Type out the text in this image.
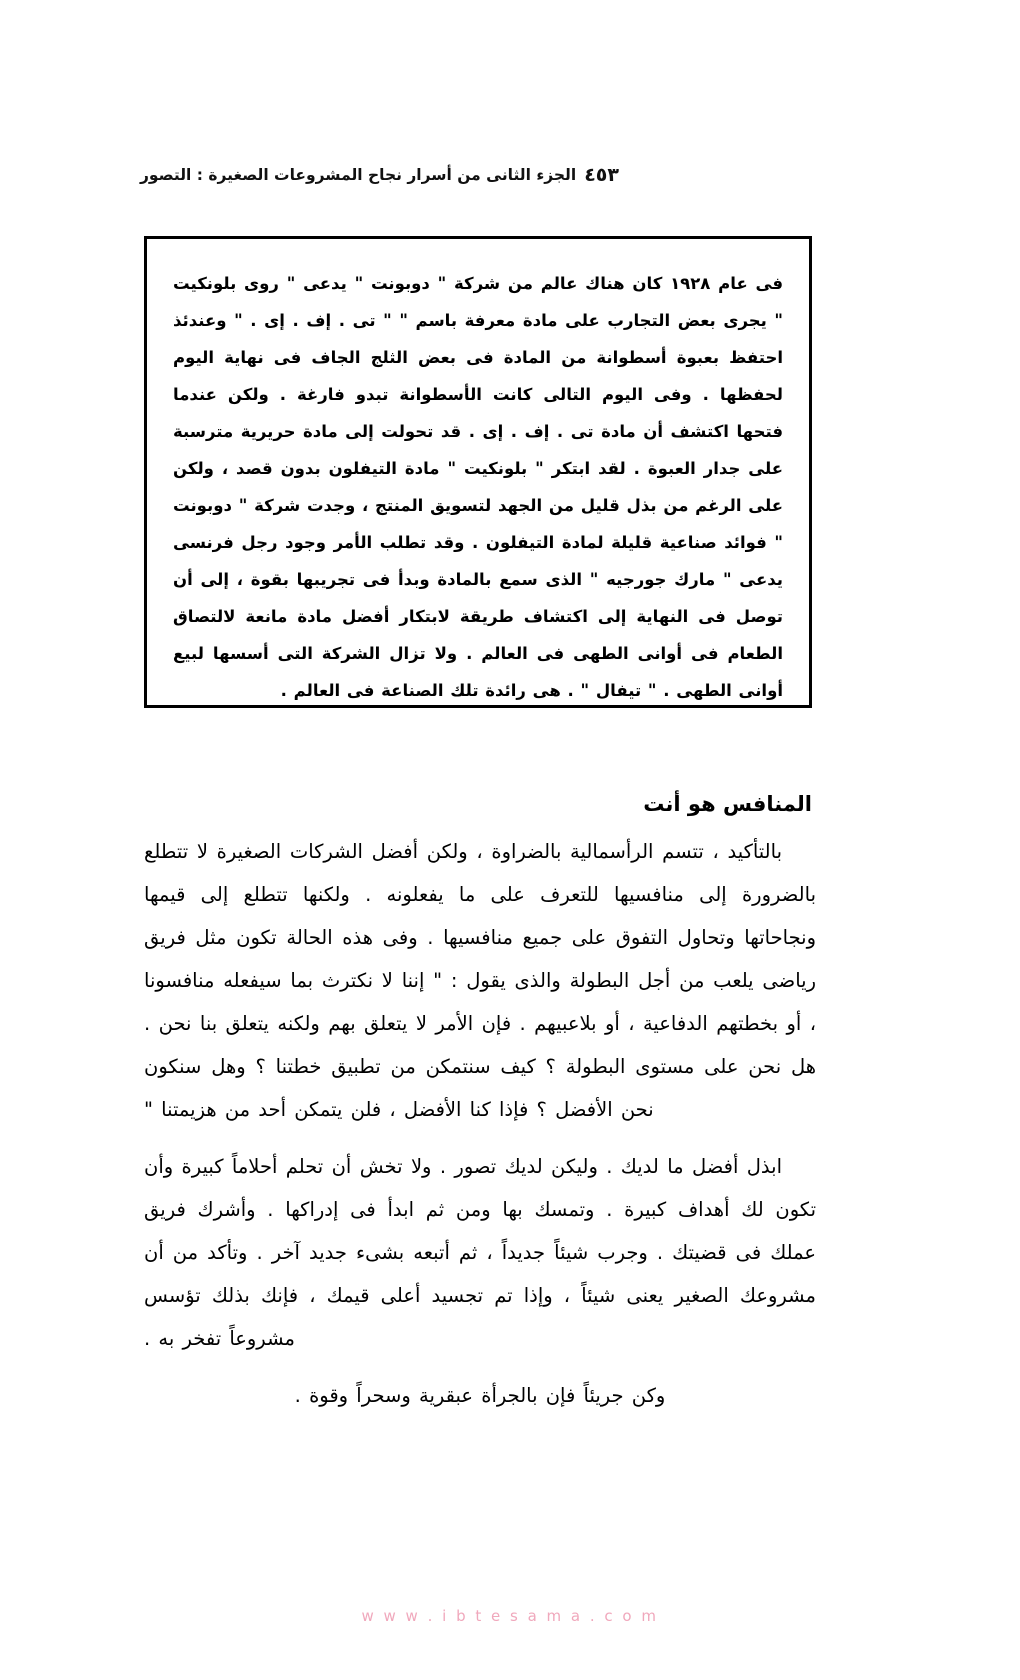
الجزء الثانى من أسرار نجاح المشروعات الصغيرة : التصور ٤٥٣
فى عام ١٩٢٨ كان هناك عالم من شركة " دوبونت " يدعى " روى بلونكيت " يجرى بعض التجارب على مادة معرفة باسم " " تى . إف . إى . " وعندئذ احتفظ بعبوة أسطوانة من المادة فى بعض الثلج الجاف فى نهاية اليوم لحفظها . وفى اليوم التالى كانت الأسطوانة تبدو فارغة . ولكن عندما فتحها اكتشف أن مادة تى . إف . إى . قد تحولت إلى مادة حريرية مترسبة على جدار العبوة . لقد ابتكر " بلونكيت " مادة التيفلون بدون قصد ، ولكن على الرغم من بذل قليل من الجهد لتسويق المنتج ، وجدت شركة " دوبونت " فوائد صناعية قليلة لمادة التيفلون . وقد تطلب الأمر وجود رجل فرنسى يدعى " مارك جورجيه " الذى سمع بالمادة وبدأ فى تجريبها بقوة ، إلى أن توصل فى النهاية إلى اكتشاف طريقة لابتكار أفضل مادة مانعة لالتصاق الطعام فى أوانى الطهى فى العالم . ولا تزال الشركة التى أسسها لبيع أوانى الطهى . " تيفال " . هى رائدة تلك الصناعة فى العالم .
المنافس هو أنت

بالتأكيد ، تتسم الرأسمالية بالضراوة ، ولكن أفضل الشركات الصغيرة لا تتطلع بالضرورة إلى منافسيها للتعرف على ما يفعلونه . ولكنها تتطلع إلى قيمها ونجاحاتها وتحاول التفوق على جميع منافسيها . وفى هذه الحالة تكون مثل فريق رياضى يلعب من أجل البطولة والذى يقول : " إننا لا نكترث بما سيفعله منافسونا ، أو بخطتهم الدفاعية ، أو بلاعبيهم . فإن الأمر لا يتعلق بهم ولكنه يتعلق بنا نحن . هل نحن على مستوى البطولة ؟ كيف سنتمكن من تطبيق خطتنا ؟ وهل سنكون نحن الأفضل ؟ فإذا كنا الأفضل ، فلن يتمكن أحد من هزيمتنا "

ابذل أفضل ما لديك . وليكن لديك تصور . ولا تخش أن تحلم أحلاماً كبيرة وأن تكون لك أهداف كبيرة . وتمسك بها ومن ثم ابدأ فى إدراكها . وأشرك فريق عملك فى قضيتك . وجرب شيئاً جديداً ، ثم أتبعه بشىء جديد آخر . وتأكد من أن مشروعك الصغير يعنى شيئاً ، وإذا تم تجسيد أعلى قيمك ، فإنك بذلك تؤسس مشروعاً تفخر به .

وكن جريئاً فإن بالجرأة عبقرية وسحراً وقوة .

w w w . i b t e s a m a . c o m
